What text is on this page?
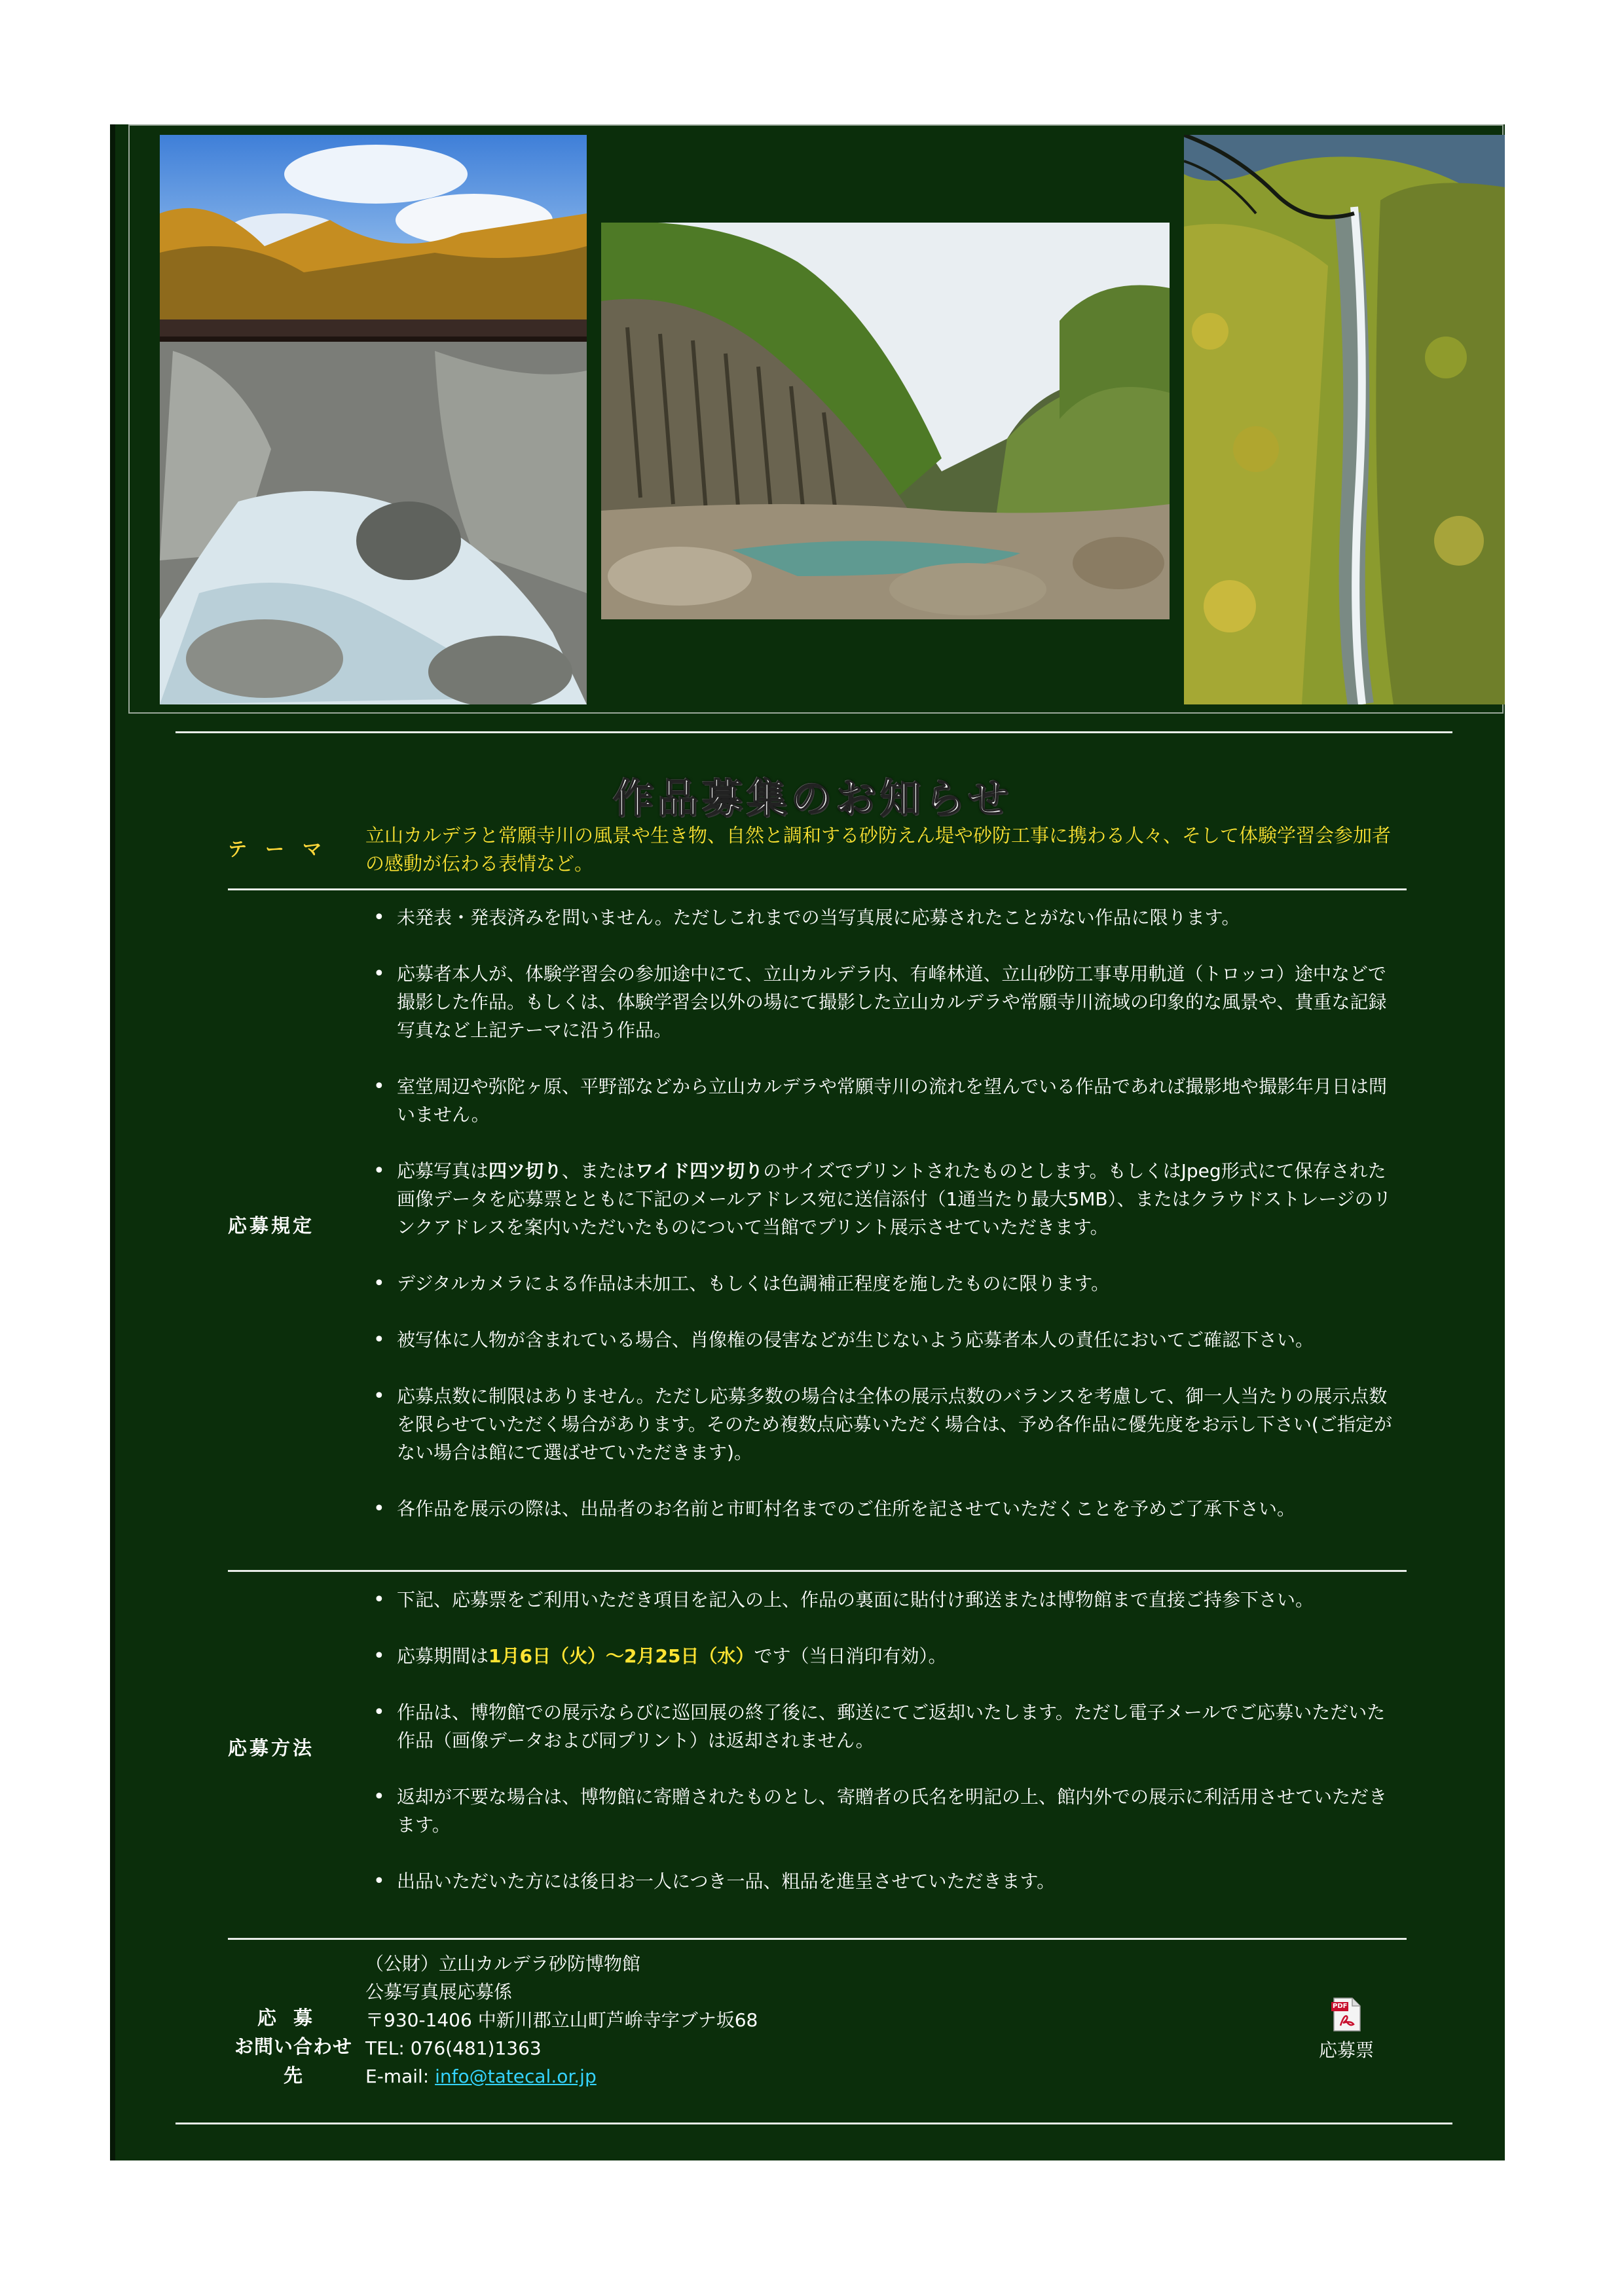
作品募集のお知らせ
テーマ
立山カルデラと常願寺川の風景や生き物、自然と調和する砂防えん堤や砂防工事に携わる人々、そして体験学習会参加者の感動が伝わる表情など。
応募規定
• 未発表・発表済みを問いません。ただしこれまでの当写真展に応募されたことがない作品に限ります。
• 応募者本人が、体験学習会の参加途中にて、立山カルデラ内、有峰林道、立山砂防工事専用軌道（トロッコ）途中などで撮影した作品。もしくは、体験学習会以外の場にて撮影した立山カルデラや常願寺川流域の印象的な風景や、貴重な記録写真など上記テーマに沿う作品。
• 室堂周辺や弥陀ヶ原、平野部などから立山カルデラや常願寺川の流れを望んでいる作品であれば撮影地や撮影年月日は問いません。
• 応募写真は四ツ切り、またはワイド四ツ切りのサイズでプリントされたものとします。もしくはJpeg形式にて保存された画像データを応募票とともに下記のメールアドレス宛に送信添付（1通当たり最大5MB）、またはクラウドストレージのリンクアドレスを案内いただいたものについて当館でプリント展示させていただきます。
• デジタルカメラによる作品は未加工、もしくは色調補正程度を施したものに限ります。
• 被写体に人物が含まれている場合、肖像権の侵害などが生じないよう応募者本人の責任においてご確認下さい。
• 応募点数に制限はありません。ただし応募多数の場合は全体の展示点数のバランスを考慮して、御一人当たりの展示点数を限らせていただく場合があります。そのため複数点応募いただく場合は、予め各作品に優先度をお示し下さい(ご指定がない場合は館にて選ばせていただきます)。
• 各作品を展示の際は、出品者のお名前と市町村名までのご住所を記させていただくことを予めご了承下さい。
応募方法
• 下記、応募票をご利用いただき項目を記入の上、作品の裏面に貼付け郵送または博物館まで直接ご持参下さい。
• 応募期間は1月6日（火）〜2月25日（水）です（当日消印有効）。
• 作品は、博物館での展示ならびに巡回展の終了後に、郵送にてご返却いたします。ただし電子メールでご応募いただいた作品（画像データおよび同プリント）は返却されません。
• 返却が不要な場合は、博物館に寄贈されたものとし、寄贈者の氏名を明記の上、館内外での展示に利活用させていただきます。
• 出品いただいた方には後日お一人につき一品、粗品を進呈させていただきます。
応募
お問い合わせ先
（公財）立山カルデラ砂防博物館
公募写真展応募係
〒930-1406 中新川郡立山町芦峅寺字ブナ坂68
TEL: 076(481)1363
E-mail: info@tatecal.or.jp
PDF
応募票
